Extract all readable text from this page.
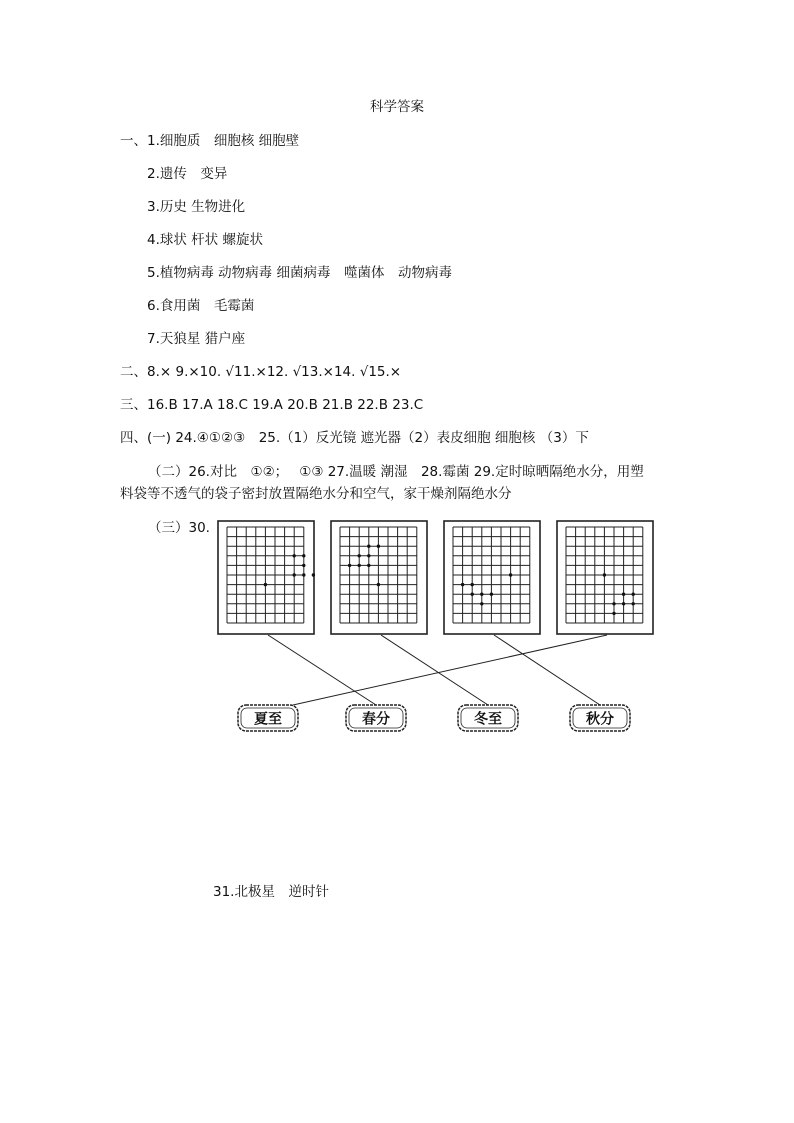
科学答案
一、1.细胞质　细胞核 细胞壁
2.遗传　变异
3.历史 生物进化
4.球状 杆状 螺旋状
5.植物病毒 动物病毒 细菌病毒　噬菌体　动物病毒
6.食用菌　毛霉菌
7.天狼星 猎户座
二、8.× 9.×10. √11.×12. √13.×14. √15.×
三、16.B 17.A 18.C 19.A 20.B 21.B 22.B 23.C
四、(一) 24.④①②③　25.（1）反光镜 遮光器（2）表皮细胞 细胞核 （3）下
（二）26.对比　①②；　 ①③ 27.温暖 潮湿　28.霉菌 29.定时晾晒隔绝水分，用塑
料袋等不透气的袋子密封放置隔绝水分和空气，家干燥剂隔绝水分
（三）30.
31.北极星　逆时针
夏至	春分	冬至	秋分
